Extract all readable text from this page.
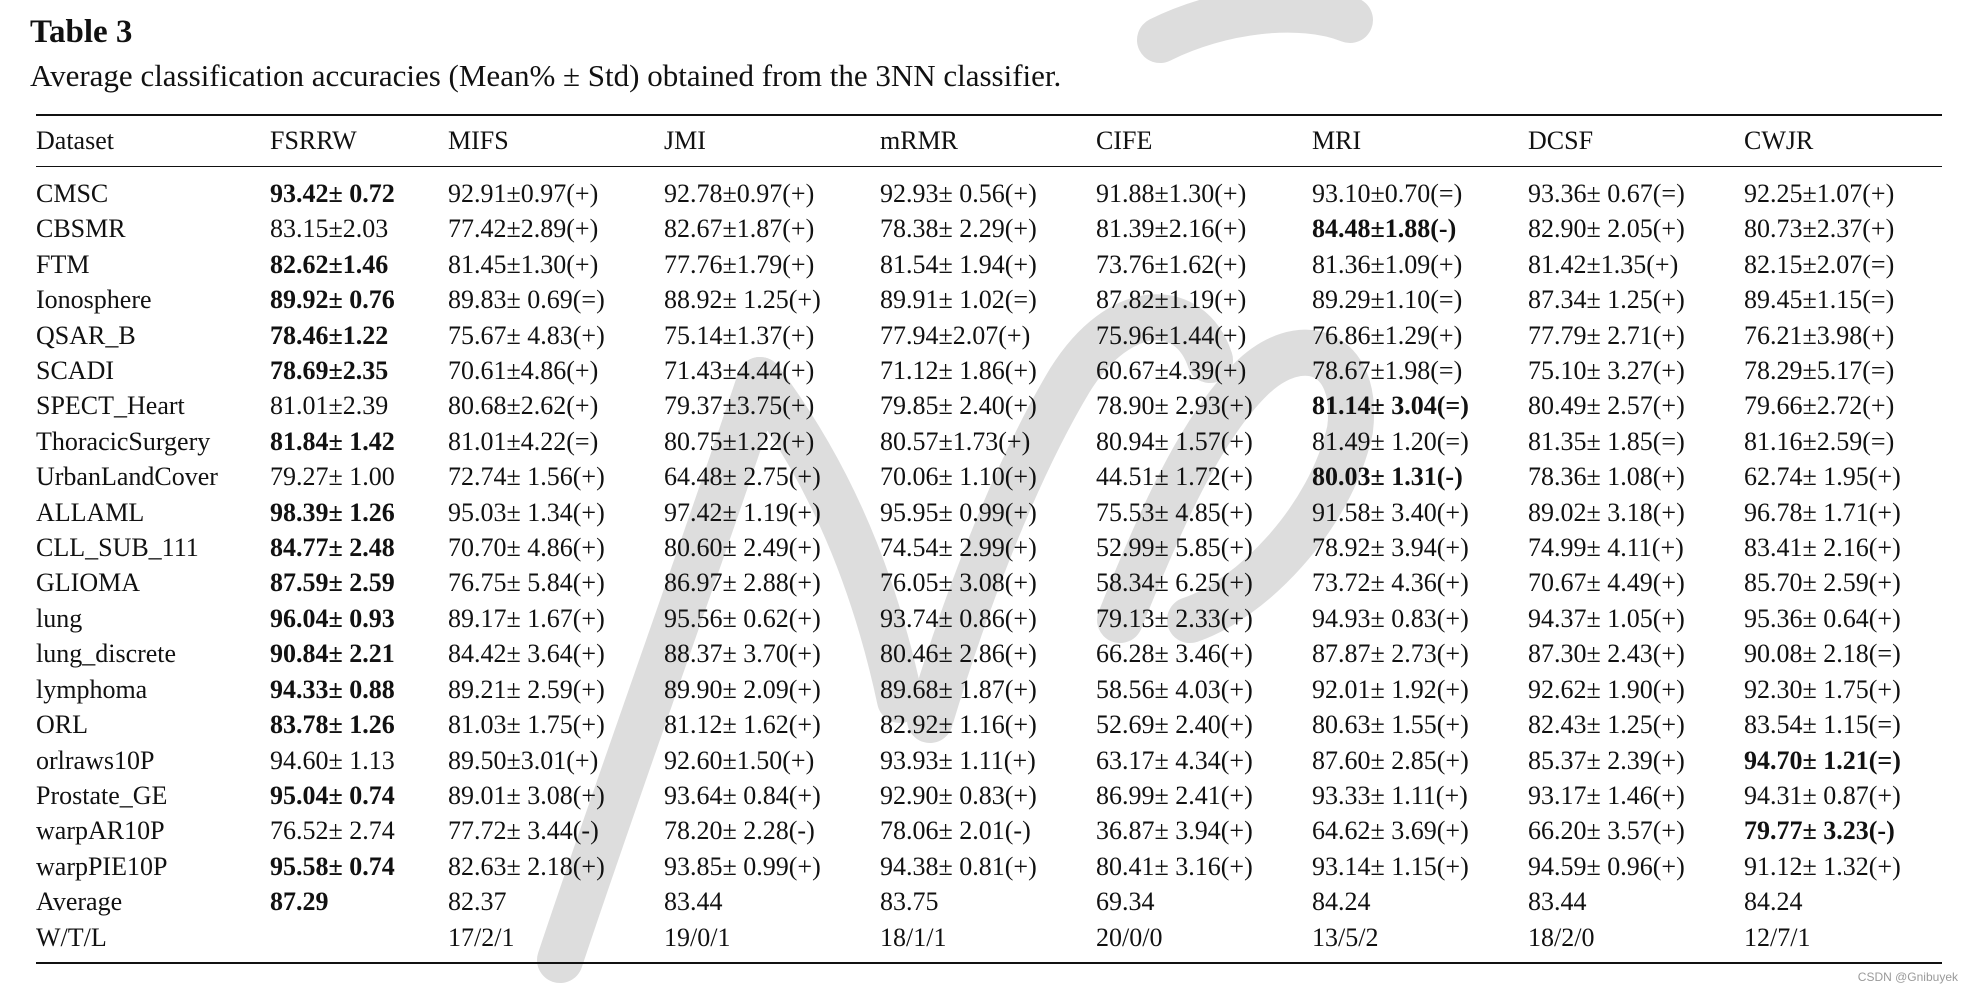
Table 3
Average classification accuracies (Mean% ± Std) obtained from the 3NN classifier.
Dataset	FSRRW	MIFS	JMI	mRMR	CIFE	MRI	DCSF	CWJR

CMSC	93.42± 0.72	92.91±0.97(+)	92.78±0.97(+)	92.93± 0.56(+)	91.88±1.30(+)	93.10±0.70(=)	93.36± 0.67(=)	92.25±1.07(+)
CBSMR	83.15±2.03	77.42±2.89(+)	82.67±1.87(+)	78.38± 2.29(+)	81.39±2.16(+)	84.48±1.88(-)	82.90± 2.05(+)	80.73±2.37(+)
FTM	82.62±1.46	81.45±1.30(+)	77.76±1.79(+)	81.54± 1.94(+)	73.76±1.62(+)	81.36±1.09(+)	81.42±1.35(+)	82.15±2.07(=)
Ionosphere	89.92± 0.76	89.83± 0.69(=)	88.92± 1.25(+)	89.91± 1.02(=)	87.82±1.19(+)	89.29±1.10(=)	87.34± 1.25(+)	89.45±1.15(=)
QSAR_B	78.46±1.22	75.67± 4.83(+)	75.14±1.37(+)	77.94±2.07(+)	75.96±1.44(+)	76.86±1.29(+)	77.79± 2.71(+)	76.21±3.98(+)
SCADI	78.69±2.35	70.61±4.86(+)	71.43±4.44(+)	71.12± 1.86(+)	60.67±4.39(+)	78.67±1.98(=)	75.10± 3.27(+)	78.29±5.17(=)
SPECT_Heart	81.01±2.39	80.68±2.62(+)	79.37±3.75(+)	79.85± 2.40(+)	78.90± 2.93(+)	81.14± 3.04(=)	80.49± 2.57(+)	79.66±2.72(+)
ThoracicSurgery	81.84± 1.42	81.01±4.22(=)	80.75±1.22(+)	80.57±1.73(+)	80.94± 1.57(+)	81.49± 1.20(=)	81.35± 1.85(=)	81.16±2.59(=)
UrbanLandCover	79.27± 1.00	72.74± 1.56(+)	64.48± 2.75(+)	70.06± 1.10(+)	44.51± 1.72(+)	80.03± 1.31(-)	78.36± 1.08(+)	62.74± 1.95(+)
ALLAML	98.39± 1.26	95.03± 1.34(+)	97.42± 1.19(+)	95.95± 0.99(+)	75.53± 4.85(+)	91.58± 3.40(+)	89.02± 3.18(+)	96.78± 1.71(+)
CLL_SUB_111	84.77± 2.48	70.70± 4.86(+)	80.60± 2.49(+)	74.54± 2.99(+)	52.99± 5.85(+)	78.92± 3.94(+)	74.99± 4.11(+)	83.41± 2.16(+)
GLIOMA	87.59± 2.59	76.75± 5.84(+)	86.97± 2.88(+)	76.05± 3.08(+)	58.34± 6.25(+)	73.72± 4.36(+)	70.67± 4.49(+)	85.70± 2.59(+)
lung	96.04± 0.93	89.17± 1.67(+)	95.56± 0.62(+)	93.74± 0.86(+)	79.13± 2.33(+)	94.93± 0.83(+)	94.37± 1.05(+)	95.36± 0.64(+)
lung_discrete	90.84± 2.21	84.42± 3.64(+)	88.37± 3.70(+)	80.46± 2.86(+)	66.28± 3.46(+)	87.87± 2.73(+)	87.30± 2.43(+)	90.08± 2.18(=)
lymphoma	94.33± 0.88	89.21± 2.59(+)	89.90± 2.09(+)	89.68± 1.87(+)	58.56± 4.03(+)	92.01± 1.92(+)	92.62± 1.90(+)	92.30± 1.75(+)
ORL	83.78± 1.26	81.03± 1.75(+)	81.12± 1.62(+)	82.92± 1.16(+)	52.69± 2.40(+)	80.63± 1.55(+)	82.43± 1.25(+)	83.54± 1.15(=)
orlraws10P	94.60± 1.13	89.50±3.01(+)	92.60±1.50(+)	93.93± 1.11(+)	63.17± 4.34(+)	87.60± 2.85(+)	85.37± 2.39(+)	94.70± 1.21(=)
Prostate_GE	95.04± 0.74	89.01± 3.08(+)	93.64± 0.84(+)	92.90± 0.83(+)	86.99± 2.41(+)	93.33± 1.11(+)	93.17± 1.46(+)	94.31± 0.87(+)
warpAR10P	76.52± 2.74	77.72± 3.44(-)	78.20± 2.28(-)	78.06± 2.01(-)	36.87± 3.94(+)	64.62± 3.69(+)	66.20± 3.57(+)	79.77± 3.23(-)
warpPIE10P	95.58± 0.74	82.63± 2.18(+)	93.85± 0.99(+)	94.38± 0.81(+)	80.41± 3.16(+)	93.14± 1.15(+)	94.59± 0.96(+)	91.12± 1.32(+)
Average	87.29	82.37	83.44	83.75	69.34	84.24	83.44	84.24
W/T/L		17/2/1	19/0/1	18/1/1	20/0/0	13/5/2	18/2/0	12/7/1
CSDN @Gnibuyek
